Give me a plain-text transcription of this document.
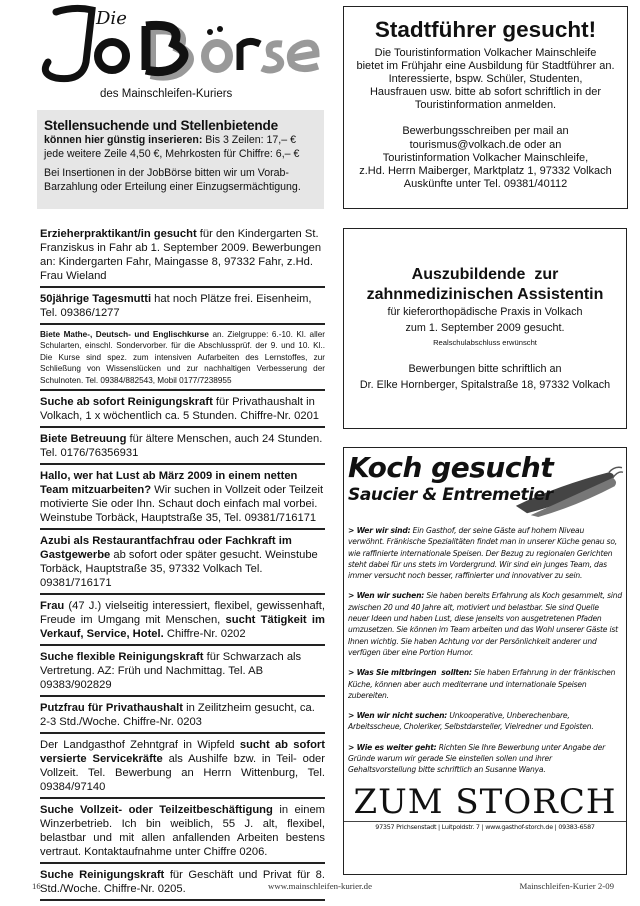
Die
des Mainschleifen-Kuriers
Stellensuchende und Stellenbietende
können hier günstig inserieren: Bis 3 Zeilen: 17,– €
jede weitere Zeile 4,50 €, Mehrkosten für Chiffre: 6,– €
Bei Insertionen in der JobBörse bitten wir um Vorab-
Barzahlung oder Erteilung einer Einzugsermächtigung.
Erzieherpraktikant/in gesucht für den Kindergarten St. Franziskus in Fahr ab 1. September 2009. Bewerbungen an: Kindergarten Fahr, Maingasse 8, 97332 Fahr, z.Hd. Frau Wieland
50jährige Tagesmutti hat noch Plätze frei. Eisenheim, Tel. 09386/1277
Biete Mathe-, Deutsch- und Englischkurse an. Zielgruppe: 6.-10. Kl. aller Schularten, einschl. Sondervorber. für die Abschlussprüf. der 9. und 10. Kl.. Die Kurse sind spez. zum intensiven Aufarbeiten des Lernstoffes, zur Schließung von Wissenslücken und zur nachhaltigen Verbesserung der Schulnoten. Tel. 09384/882543, Mobil 0177/7238955
Suche ab sofort Reinigungskraft für Privathaushalt in Volkach, 1 x wöchentlich ca. 5 Stunden. Chiffre-Nr. 0201
Biete Betreuung für ältere Menschen, auch 24 Stunden. Tel. 0176/76356931
Hallo, wer hat Lust ab März 2009 in einem netten Team mitzuarbeiten? Wir suchen in Vollzeit oder Teilzeit motivierte Sie oder Ihn. Schaut doch einfach mal vorbei. Weinstube Torbäck, Hauptstraße 35, Tel. 09381/716171
Azubi als Restaurantfachfrau oder Fachkraft im Gastgewerbe ab sofort oder später gesucht. Weinstube Torbäck, Hauptstraße 35, 97332 Volkach Tel. 09381/716171
Frau (47 J.) vielseitig interessiert, flexibel, gewissenhaft, Freude im Umgang mit Menschen, sucht Tätigkeit im Verkauf, Service, Hotel. Chiffre-Nr. 0202
Suche flexible Reinigungskraft für Schwarzach als Vertretung. AZ: Früh und Nachmittag. Tel. AB 09383/902829
Putzfrau für Privathaushalt in Zeilitzheim gesucht, ca. 2-3 Std./Woche. Chiffre-Nr. 0203
Der Landgasthof Zehntgraf in Wipfeld sucht ab sofort versierte Servicekräfte als Aushilfe bzw. in Teil- oder Vollzeit. Tel. Bewerbung an Herrn Wittenburg, Tel. 09384/97140
Suche Vollzeit- oder Teilzeitbeschäftigung in einem Winzerbetrieb. Ich bin weiblich, 55 J. alt, flexibel, belastbar und mit allen anfallenden Arbeiten bestens vertraut. Kontaktaufnahme unter Chiffre 0206.
Suche Reinigungskraft für Geschäft und Privat für 8. Std./Woche. Chiffre-Nr. 0205.
Stadtführer gesucht!
Die Touristinformation Volkacher Mainschleife
bietet im Frühjahr eine Ausbildung für Stadtführer an.
Interessierte, bspw. Schüler, Studenten,
Hausfrauen usw. bitte ab sofort schriftlich in der
Touristinformation anmelden.
Bewerbungsschreiben per mail an
tourismus@volkach.de oder an
Touristinformation Volkacher Mainschleife,
z.Hd. Herrn Maiberger, Marktplatz 1, 97332 Volkach
Auskünfte unter Tel. 09381/40112
Auszubildende  zur
zahnmedizinischen Assistentin
für kieferorthopädische Praxis in Volkach
zum 1. September 2009 gesucht.
Realschulabschluss erwünscht
Bewerbungen bitte schriftlich an
Dr. Elke Hornberger, Spitalstraße 18, 97332 Volkach
Koch gesucht
Saucier & Entremetier
> Wer wir sind: Ein Gasthof, der seine Gäste auf hohem Niveau verwöhnt. Fränkische Spezialitäten findet man in unserer Küche genau so, wie raffinierte internationale Speisen. Der Bezug zu regionalen Gerichten steht dabei für uns stets im Vordergrund. Wir sind ein junges Team, das immer versucht noch besser, raffinierter und innovativer zu sein.
> Wen wir suchen: Sie haben bereits Erfahrung als Koch gesammelt, sind zwischen 20 und 40 Jahre alt, motiviert und belastbar. Sie sind Quelle neuer Ideen und haben Lust, diese jenseits von ausgetretenen Pfaden umzusetzen. Sie können im Team arbeiten und das Wohl unserer Gäste ist Ihnen wichtig. Sie haben Achtung vor der Persönlichkeit anderer und verfügen über eine Portion Humor.
> Was Sie mitbringen  sollten: Sie haben Erfahrung in der fränkischen Küche, können aber auch mediterrane und internationale Speisen zubereiten.
> Wen wir nicht suchen: Unkooperative, Unberechenbare, Arbeitsscheue, Choleriker, Selbstdarsteller, Vielredner und Egoisten.
> Wie es weiter geht: Richten Sie Ihre Bewerbung unter Angabe der Gründe warum wir gerade Sie einstellen sollen und ihrer Gehaltsvorstellung bitte schriftlich an Susanne Wanya.
ZUM STORCH
97357 Prichsenstadt | Luitpoldstr. 7 | www.gasthof-storch.de | 09383-6587
16	www.mainschleifen-kurier.de	Mainschleifen-Kurier 2-09
